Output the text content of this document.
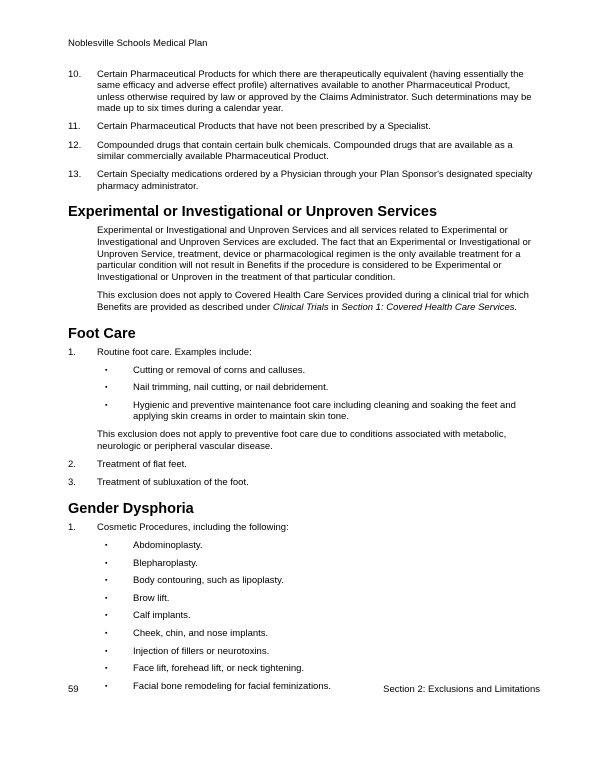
Noblesville Schools Medical Plan
10.	Certain Pharmaceutical Products for which there are therapeutically equivalent (having essentially the same efficacy and adverse effect profile) alternatives available to another Pharmaceutical Product, unless otherwise required by law or approved by the Claims Administrator. Such determinations may be made up to six times during a calendar year.
11.	Certain Pharmaceutical Products that have not been prescribed by a Specialist.
12.	Compounded drugs that contain certain bulk chemicals. Compounded drugs that are available as a similar commercially available Pharmaceutical Product.
13.	Certain Specialty medications ordered by a Physician through your Plan Sponsor's designated specialty pharmacy administrator.
Experimental or Investigational or Unproven Services
Experimental or Investigational and Unproven Services and all services related to Experimental or Investigational and Unproven Services are excluded. The fact that an Experimental or Investigational or Unproven Service, treatment, device or pharmacological regimen is the only available treatment for a particular condition will not result in Benefits if the procedure is considered to be Experimental or Investigational or Unproven in the treatment of that particular condition.
This exclusion does not apply to Covered Health Care Services provided during a clinical trial for which Benefits are provided as described under Clinical Trials in Section 1: Covered Health Care Services.
Foot Care
1.	Routine foot care. Examples include:
▪	Cutting or removal of corns and calluses.
▪	Nail trimming, nail cutting, or nail debridement.
▪	Hygienic and preventive maintenance foot care including cleaning and soaking the feet and applying skin creams in order to maintain skin tone.
This exclusion does not apply to preventive foot care due to conditions associated with metabolic, neurologic or peripheral vascular disease.
2.	Treatment of flat feet.
3.	Treatment of subluxation of the foot.
Gender Dysphoria
1.	Cosmetic Procedures, including the following:
▪	Abdominoplasty.
▪	Blepharoplasty.
▪	Body contouring, such as lipoplasty.
▪	Brow lift.
▪	Calf implants.
▪	Cheek, chin, and nose implants.
▪	Injection of fillers or neurotoxins.
▪	Face lift, forehead lift, or neck tightening.
▪	Facial bone remodeling for facial feminizations.
59	Section 2: Exclusions and Limitations
